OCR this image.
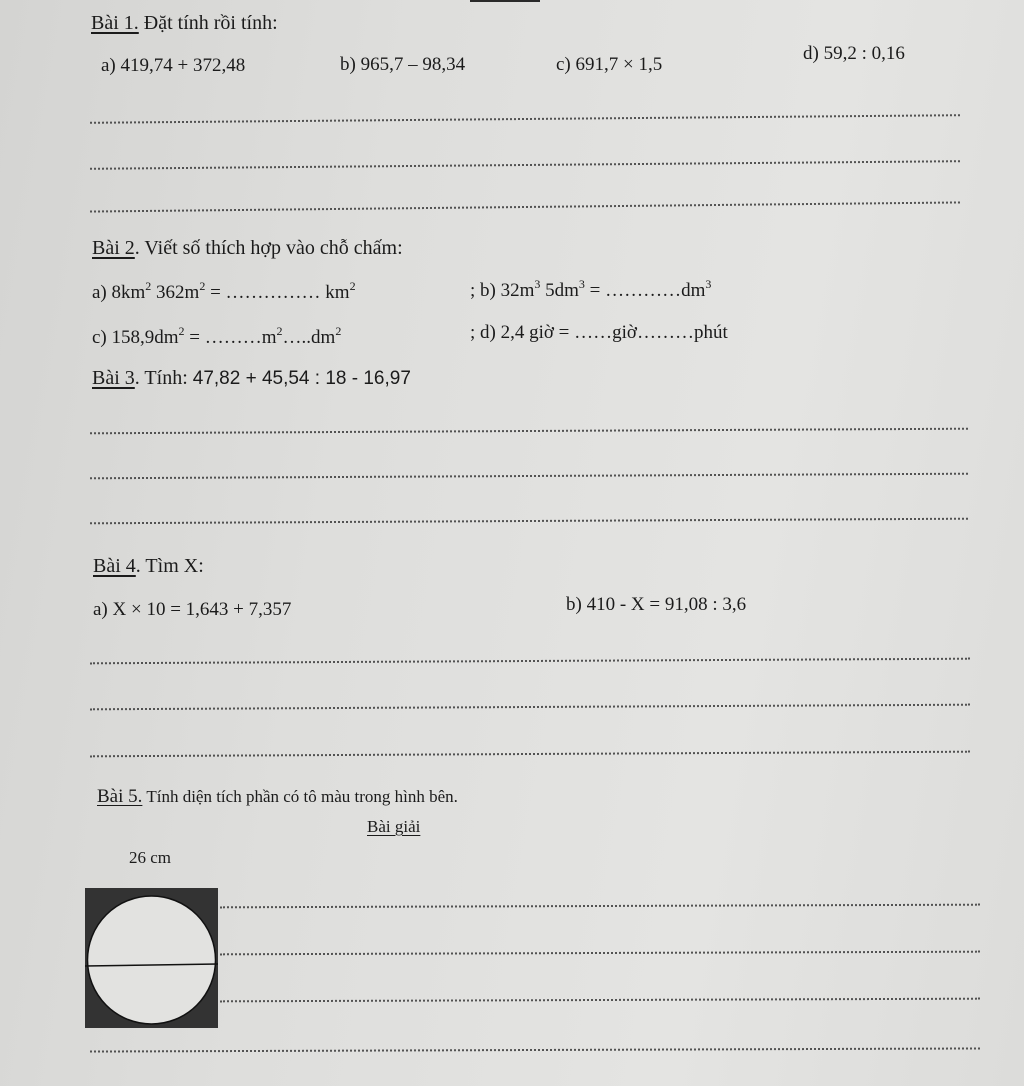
Bài 1. Đặt tính rồi tính:
a) 419,74 + 372,48	b) 965,7 – 98,34	c) 691,7 × 1,5
d) 59,2 : 0,16
Bài 2. Viết số thích hợp vào chỗ chấm:
a) $8km^2$ $362m^2$ = …………… $km^2$	; b) $32m^3$ $5dm^3$ = $\dots\dots\dots\dots dm^3$
c) $158,9dm^2$ = $\dots\dots\dots m^2\dots..dm^2$	; d) 2,4 giờ = ……giờ………phút
Bài 3. Tính: 47,82 + 45,54 : 18 - 16,97
Bài 4. Tìm X:
a) X × 10 = 1,643 + 7,357	b) 410 - X = 91,08 : 3,6
Bài 5. Tính diện tích phần có tô màu trong hình bên.
Bài giải
26 cm
